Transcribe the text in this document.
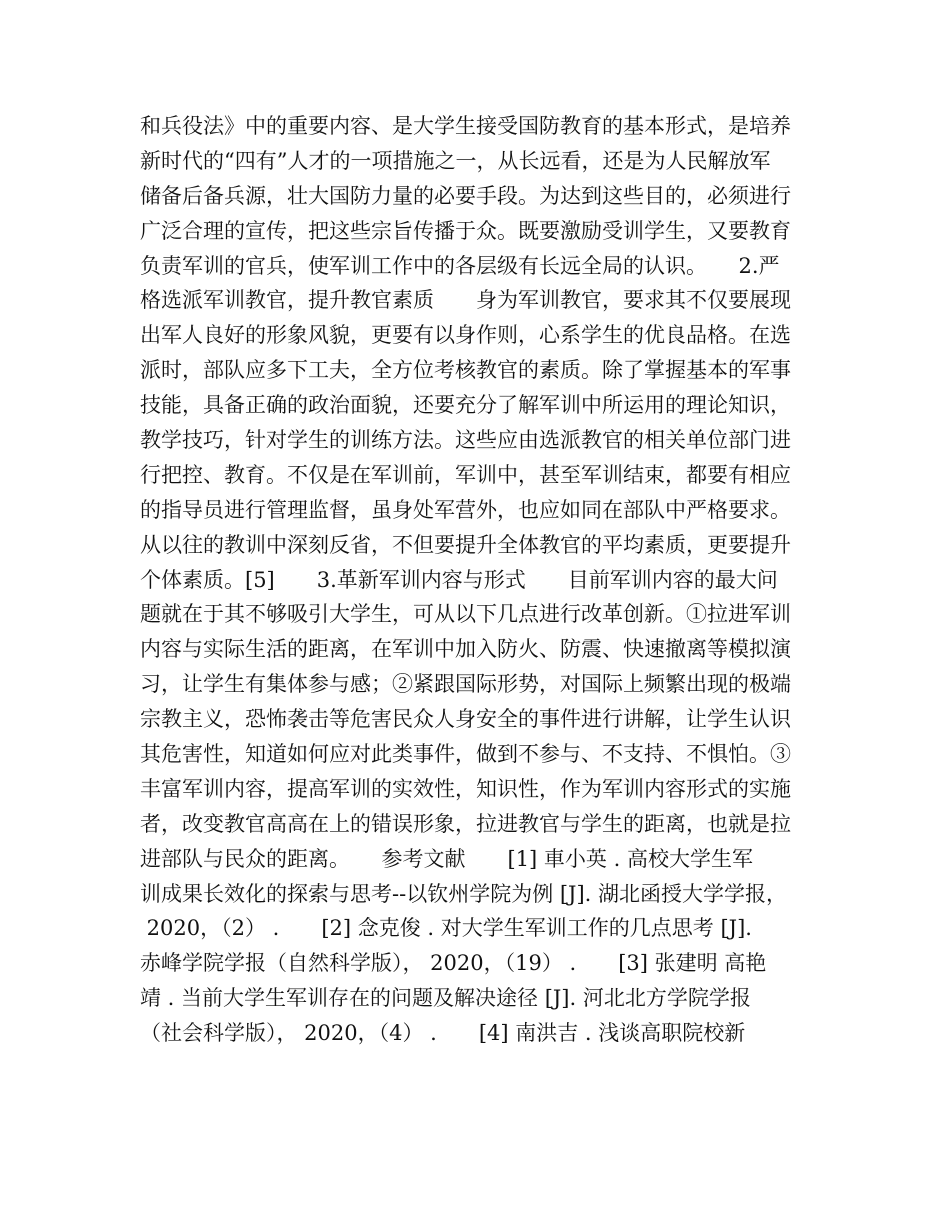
和兵役法》中的重要内容、是大学生接受国防教育的基本形式，是培养
新时代的“四有”人才的一项措施之一，从长远看，还是为人民解放军
储备后备兵源，壮大国防力量的必要手段。为达到这些目的，必须进行
广泛合理的宣传，把这些宗旨传播于众。既要激励受训学生，又要教育
负责军训的官兵，使军训工作中的各层级有长远全局的认识。　　2.严
格选派军训教官，提升教官素质　　身为军训教官，要求其不仅要展现
出军人良好的形象风貌，更要有以身作则，心系学生的优良品格。在选
派时，部队应多下工夫，全方位考核教官的素质。除了掌握基本的军事
技能，具备正确的政治面貌，还要充分了解军训中所运用的理论知识，
教学技巧，针对学生的训练方法。这些应由选派教官的相关单位部门进
行把控、教育。不仅是在军训前，军训中，甚至军训结束，都要有相应
的指导员进行管理监督，虽身处军营外，也应如同在部队中严格要求。
从以往的教训中深刻反省，不但要提升全体教官的平均素质，更要提升
个体素质。[5]　　3.革新军训内容与形式　　目前军训内容的最大问
题就在于其不够吸引大学生，可从以下几点进行改革创新。①拉进军训
内容与实际生活的距离，在军训中加入防火、防震、快速撤离等模拟演
习，让学生有集体参与感；②紧跟国际形势，对国际上频繁出现的极端
宗教主义，恐怖袭击等危害民众人身安全的事件进行讲解，让学生认识
其危害性，知道如何应对此类事件，做到不参与、不支持、不惧怕。③
丰富军训内容，提高军训的实效性，知识性，作为军训内容形式的实施
者，改变教官高高在上的错误形象，拉进教官与学生的距离，也就是拉
进部队与民众的距离。　　参考文献　　[1] 車小英 . 高校大学生军
训成果长效化的探索与思考--以钦州学院为例 [J]. 湖北函授大学学报，
2020，（2） .　　[2] 念克俊 . 对大学生军训工作的几点思考 [J].
赤峰学院学报（自然科学版）， 2020，（19） .　　[3] 张建明 高艳
靖 . 当前大学生军训存在的问题及解决途径 [J]. 河北北方学院学报
（社会科学版）， 2020，（4） .　　[4] 南洪吉 . 浅谈高职院校新
